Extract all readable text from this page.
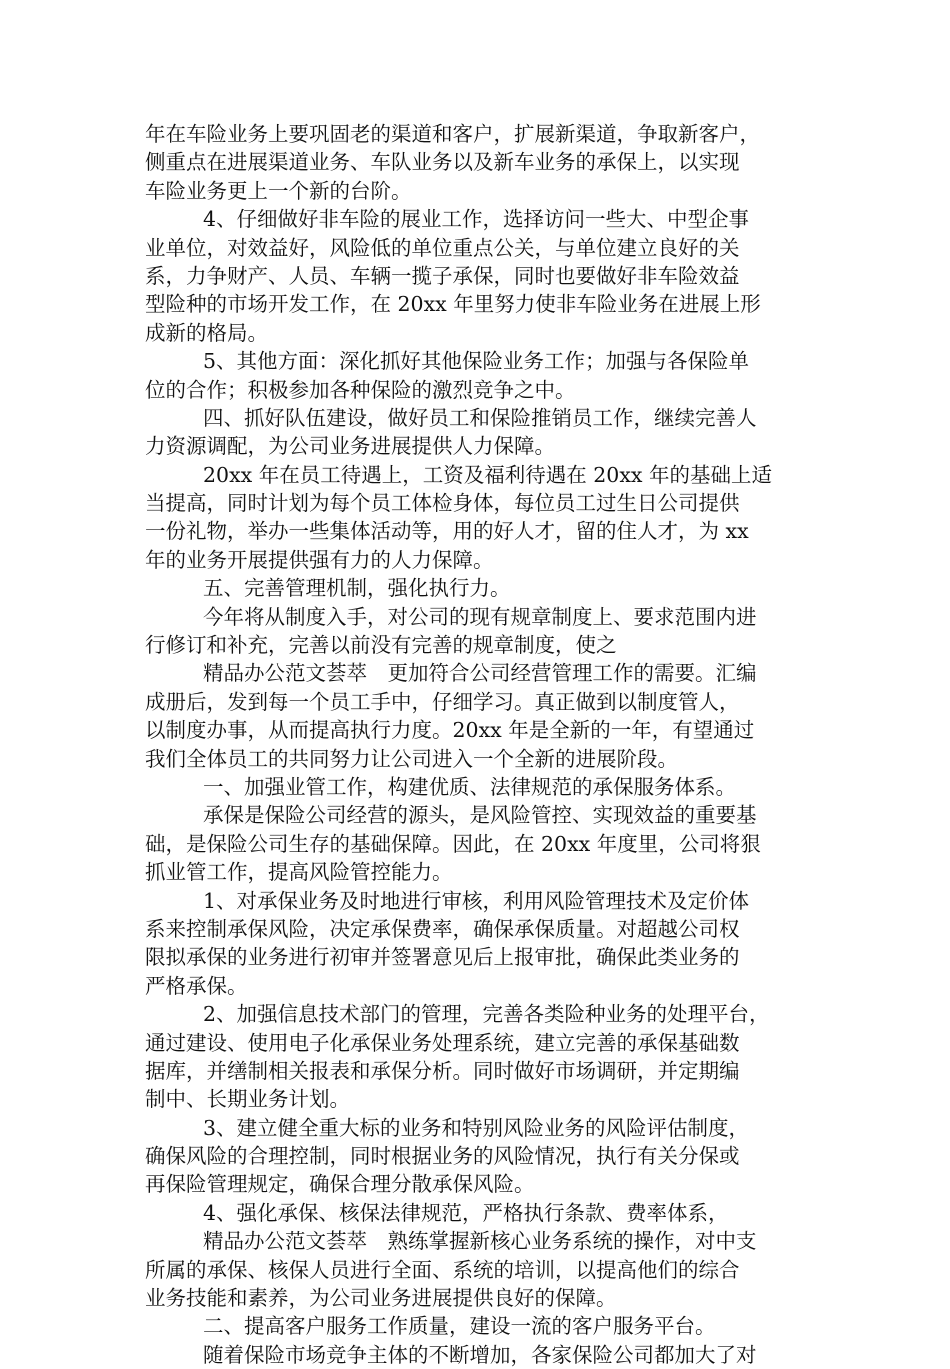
年在车险业务上要巩固老的渠道和客户，扩展新渠道，争取新客户，
侧重点在进展渠道业务、车队业务以及新车业务的承保上，以实现
车险业务更上一个新的台阶。
4、仔细做好非车险的展业工作，选择访问一些大、中型企事
业单位，对效益好，风险低的单位重点公关，与单位建立良好的关
系，力争财产、人员、车辆一揽子承保，同时也要做好非车险效益
型险种的市场开发工作，在 20xx 年里努力使非车险业务在进展上形
成新的格局。
5、其他方面：深化抓好其他保险业务工作；加强与各保险单
位的合作；积极参加各种保险的激烈竞争之中。
四、抓好队伍建设，做好员工和保险推销员工作，继续完善人
力资源调配，为公司业务进展提供人力保障。
20xx 年在员工待遇上，工资及福利待遇在 20xx 年的基础上适
当提高，同时计划为每个员工体检身体，每位员工过生日公司提供
一份礼物，举办一些集体活动等，用的好人才，留的住人才，为 xx
年的业务开展提供强有力的人力保障。
五、完善管理机制，强化执行力。
今年将从制度入手，对公司的现有规章制度上、要求范围内进
行修订和补充，完善以前没有完善的规章制度，使之
精品办公范文荟萃　更加符合公司经营管理工作的需要。汇编
成册后，发到每一个员工手中，仔细学习。真正做到以制度管人，
以制度办事，从而提高执行力度。20xx 年是全新的一年，有望通过
我们全体员工的共同努力让公司进入一个全新的进展阶段。
一、加强业管工作，构建优质、法律规范的承保服务体系。
承保是保险公司经营的源头，是风险管控、实现效益的重要基
础，是保险公司生存的基础保障。因此，在 20xx 年度里，公司将狠
抓业管工作，提高风险管控能力。
1、对承保业务及时地进行审核，利用风险管理技术及定价体
系来控制承保风险，决定承保费率，确保承保质量。对超越公司权
限拟承保的业务进行初审并签署意见后上报审批，确保此类业务的
严格承保。
2、加强信息技术部门的管理，完善各类险种业务的处理平台，
通过建设、使用电子化承保业务处理系统，建立完善的承保基础数
据库，并缮制相关报表和承保分析。同时做好市场调研，并定期编
制中、长期业务计划。
3、建立健全重大标的业务和特别风险业务的风险评估制度，
确保风险的合理控制，同时根据业务的风险情况，执行有关分保或
再保险管理规定，确保合理分散承保风险。
4、强化承保、核保法律规范，严格执行条款、费率体系，
精品办公范文荟萃　熟练掌握新核心业务系统的操作，对中支
所属的承保、核保人员进行全面、系统的培训，以提高他们的综合
业务技能和素养，为公司业务进展提供良好的保障。
二、提高客户服务工作质量，建设一流的客户服务平台。
随着保险市场竞争主体的不断增加，各家保险公司都加大了对
